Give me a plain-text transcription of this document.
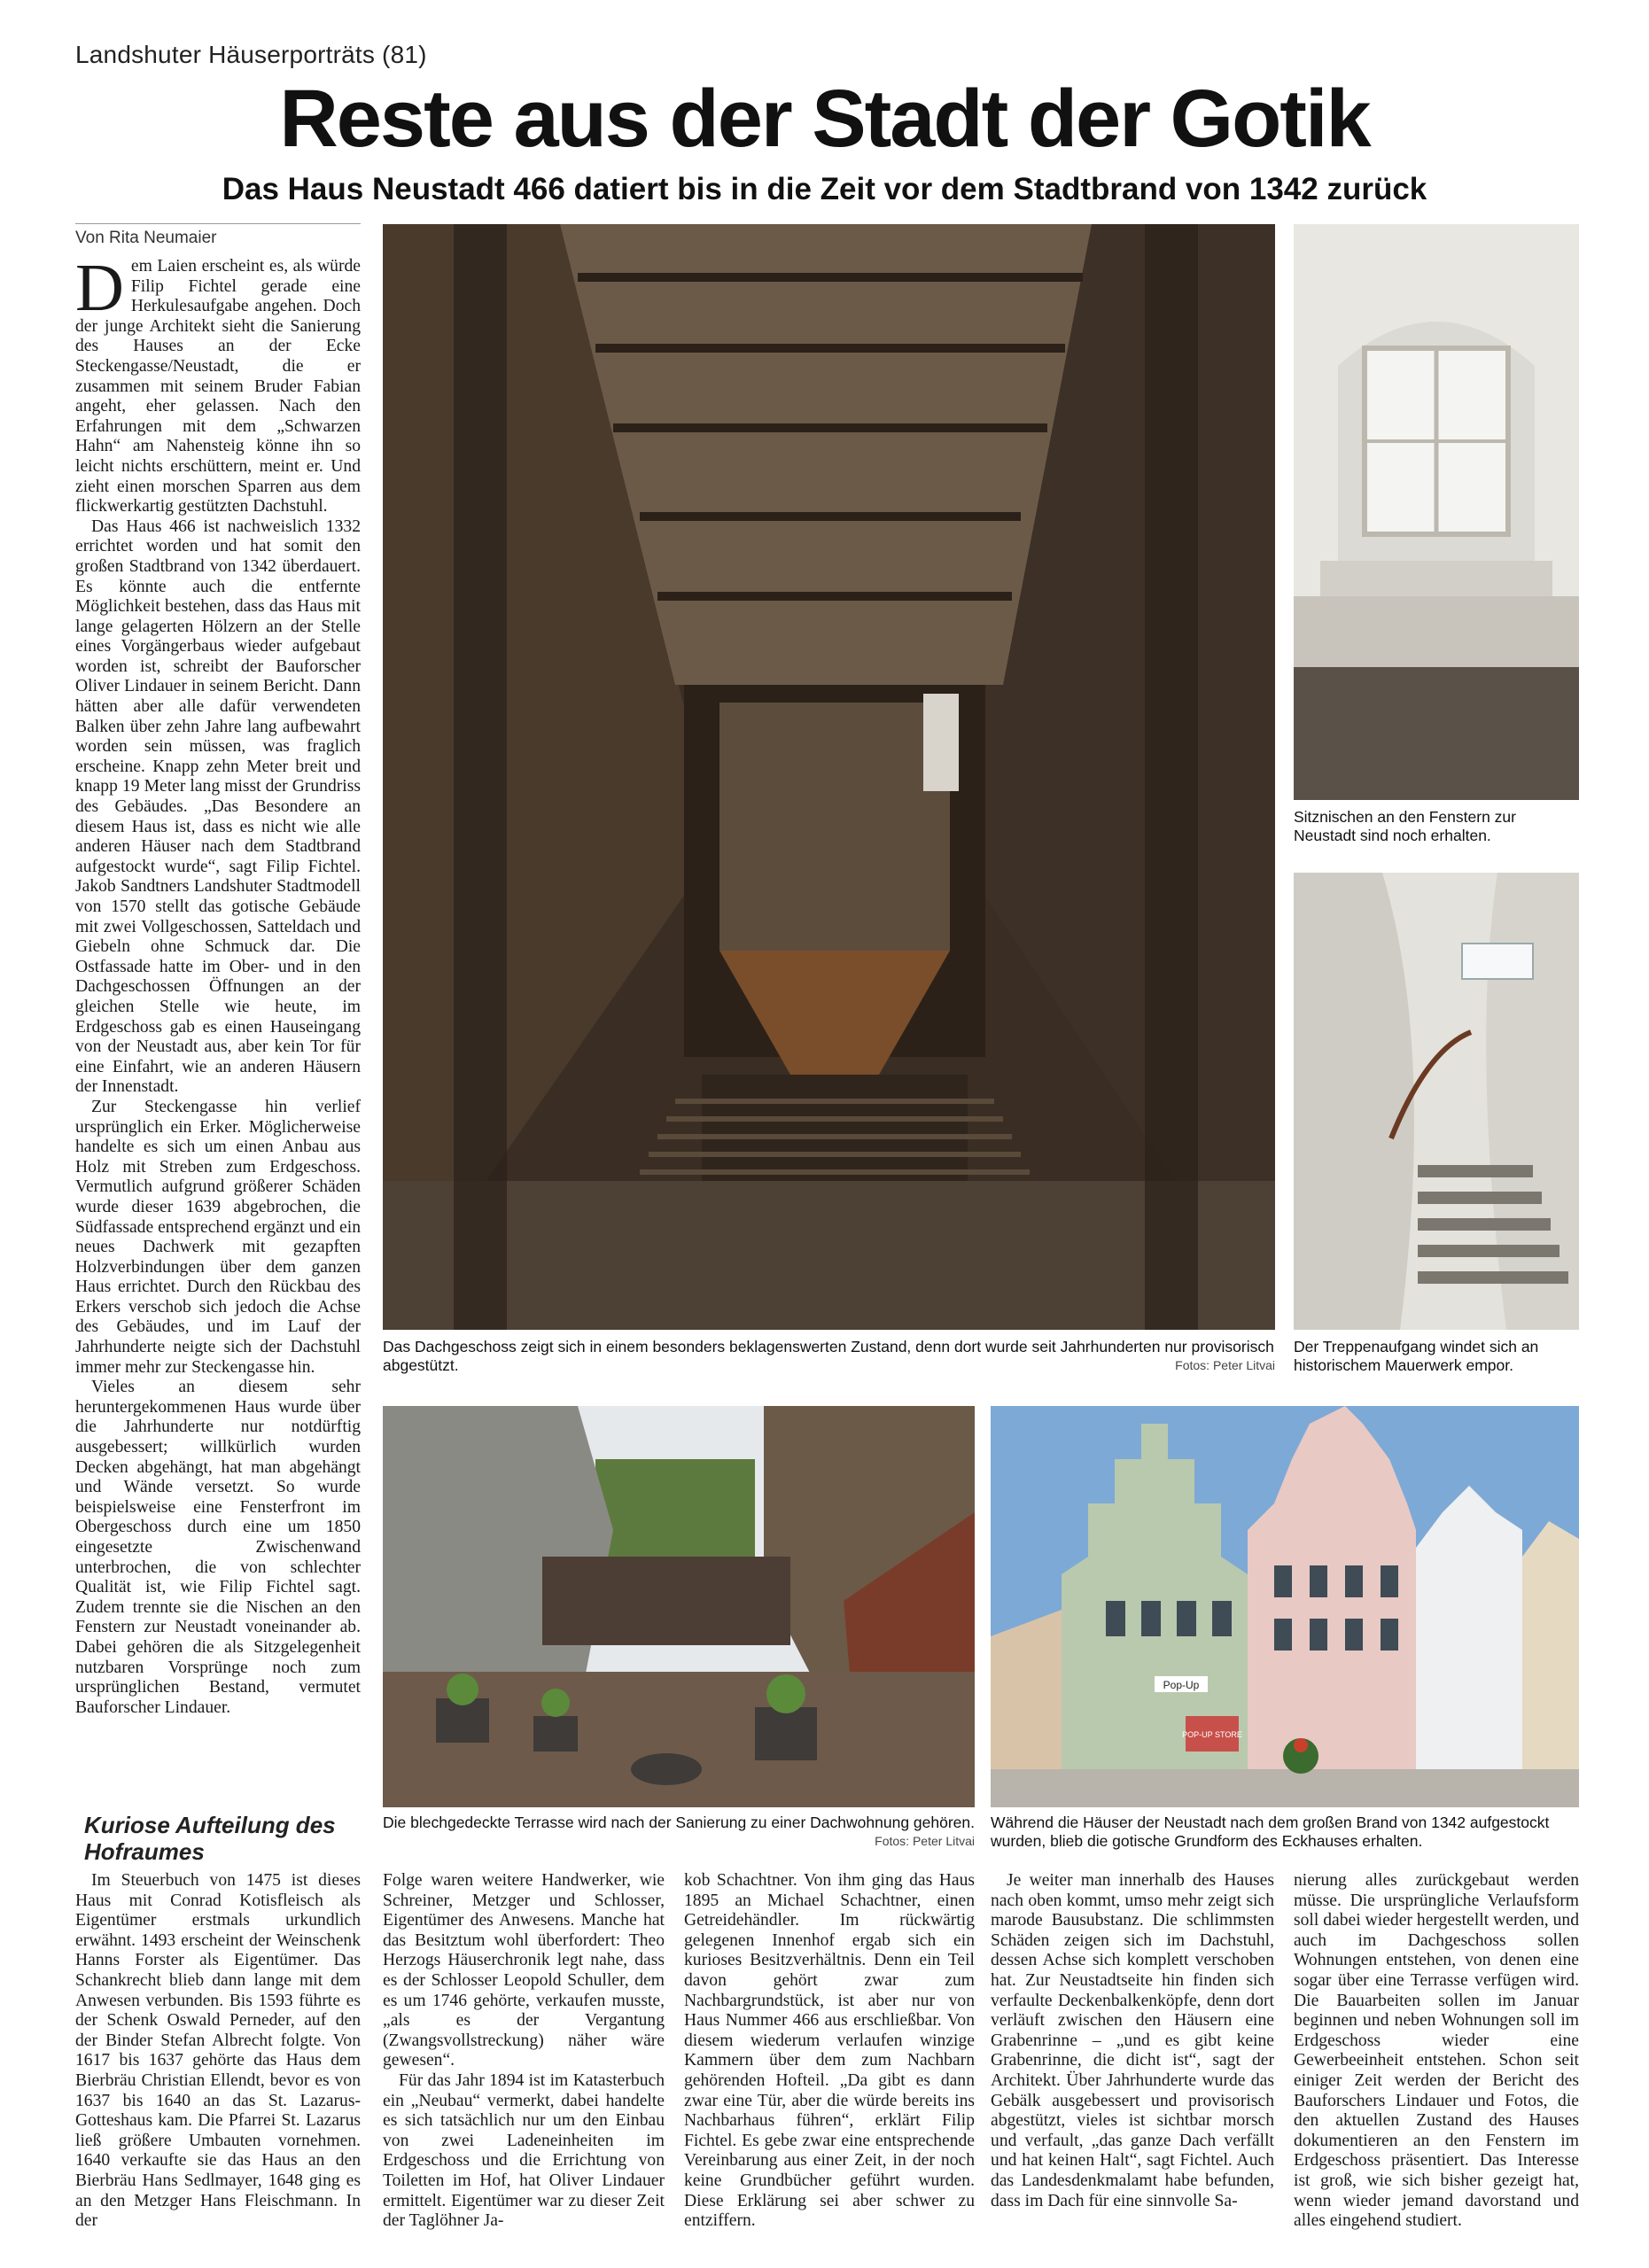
Landshuter Häuserporträts (81)
Reste aus der Stadt der Gotik
Das Haus Neustadt 466 datiert bis in die Zeit vor dem Stadtbrand von 1342 zurück
Von Rita Neumaier

Dem Laien erscheint es, als würde Filip Fichtel gerade eine Herkulesaufgabe angehen. Doch der junge Architekt sieht die Sanierung des Hauses an der Ecke Steckengasse/Neustadt, die er zusammen mit seinem Bruder Fabian angeht, eher gelassen. Nach den Erfahrungen mit dem „Schwarzen Hahn“ am Nahensteig könne ihn so leicht nichts erschüttern, meint er. Und zieht einen morschen Sparren aus dem flickwerkartig gestützten Dachstuhl.

Das Haus 466 ist nachweislich 1332 errichtet worden und hat somit den großen Stadtbrand von 1342 überdauert. Es könnte auch die entfernte Möglichkeit bestehen, dass das Haus mit lange gelagerten Hölzern an der Stelle eines Vorgängerbaus wieder aufgebaut worden ist, schreibt der Bauforscher Oliver Lindauer in seinem Bericht. Dann hätten aber alle dafür verwendeten Balken über zehn Jahre lang aufbewahrt worden sein müssen, was fraglich erscheine. Knapp zehn Meter breit und knapp 19 Meter lang misst der Grundriss des Gebäudes. „Das Besondere an diesem Haus ist, dass es nicht wie alle anderen Häuser nach dem Stadtbrand aufgestockt wurde“, sagt Filip Fichtel. Jakob Sandtners Landshuter Stadtmodell von 1570 stellt das gotische Gebäude mit zwei Vollgeschossen, Satteldach und Giebeln ohne Schmuck dar. Die Ostfassade hatte im Ober- und in den Dachgeschossen Öffnungen an der gleichen Stelle wie heute, im Erdgeschoss gab es einen Hauseingang von der Neustadt aus, aber kein Tor für eine Einfahrt, wie an anderen Häusern der Innenstadt.

Zur Steckengasse hin verlief ursprünglich ein Erker. Möglicherweise handelte es sich um einen Anbau aus Holz mit Streben zum Erdgeschoss. Vermutlich aufgrund größerer Schäden wurde dieser 1639 abgebrochen, die Südfassade entsprechend ergänzt und ein neues Dachwerk mit gezapften Holzverbindungen über dem ganzen Haus errichtet. Durch den Rückbau des Erkers verschob sich jedoch die Achse des Gebäudes, und im Lauf der Jahrhunderte neigte sich der Dachstuhl immer mehr zur Steckengasse hin.

Vieles an diesem sehr heruntergekommenen Haus wurde über die Jahrhunderte nur notdürftig ausgebessert; willkürlich wurden Decken abgehängt, hat man abgehängt und Wände versetzt. So wurde beispielsweise eine Fensterfront im Obergeschoss durch eine um 1850 eingesetzte Zwischenwand unterbrochen, die von schlechter Qualität ist, wie Filip Fichtel sagt. Zudem trennte sie die Nischen an den Fenstern zur Neustadt voneinander ab. Dabei gehören die als Sitzgelegenheit nutzbaren Vorsprünge noch zum ursprünglichen Bestand, vermutet Bauforscher Lindauer.

Kuriose Aufteilung des Hofraumes

Im Steuerbuch von 1475 ist dieses Haus mit Conrad Kotisfleisch als Eigentümer erstmals urkundlich erwähnt. 1493 erscheint der Weinschenk Hanns Forster als Eigentümer. Das Schankrecht blieb dann lange mit dem Anwesen verbunden. Bis 1593 führte es der Schenk Oswald Perneder, auf den der Binder Stefan Albrecht folgte. Von 1617 bis 1637 gehörte das Haus dem Bierbräu Christian Ellendt, bevor es von 1637 bis 1640 an das St. Lazarus-Gotteshaus kam. Die Pfarrei St. Lazarus ließ größere Umbauten vornehmen. 1640 verkaufte sie das Haus an den Bierbräu Hans Sedlmayer, 1648 ging es an den Metzger Hans Fleischmann. In der

Das Dachgeschoss zeigt sich in einem besonders beklagenswerten Zustand, denn dort wurde seit Jahrhunderten nur provisorisch abgestützt.	Fotos: Peter Litvai
Sitznischen an den Fenstern zur Neustadt sind noch erhalten.
Der Treppenaufgang windet sich an historischem Mauerwerk empor.
Die blechgedeckte Terrasse wird nach der Sanierung zu einer Dachwohnung gehören.
Fotos: Peter Litvai
Pop-Up
POP-UP STORE
Während die Häuser der Neustadt nach dem großen Brand von 1342 aufgestockt wurden, blieb die gotische Grundform des Eckhauses erhalten.

Folge waren weitere Handwerker, wie Schreiner, Metzger und Schlosser, Eigentümer des Anwesens. Manche hat das Besitztum wohl überfordert: Theo Herzogs Häuserchronik legt nahe, dass es der Schlosser Leopold Schuller, dem es um 1746 gehörte, verkaufen musste, „als es der Vergantung (Zwangsvollstreckung) näher wäre gewesen“.

Für das Jahr 1894 ist im Katasterbuch ein „Neubau“ vermerkt, dabei handelte es sich tatsächlich nur um den Einbau von zwei Ladeneinheiten im Erdgeschoss und die Errichtung von Toiletten im Hof, hat Oliver Lindauer ermittelt. Eigentümer war zu dieser Zeit der Taglöhner Ja-

kob Schachtner. Von ihm ging das Haus 1895 an Michael Schachtner, einen Getreidehändler. Im rückwärtig gelegenen Innenhof ergab sich ein kurioses Besitzverhältnis. Denn ein Teil davon gehört zwar zum Nachbargrundstück, ist aber nur von Haus Nummer 466 aus erschließbar. Von diesem wiederum verlaufen winzige Kammern über dem zum Nachbarn gehörenden Hofteil. „Da gibt es dann zwar eine Tür, aber die würde bereits ins Nachbarhaus führen“, erklärt Filip Fichtel. Es gebe zwar eine entsprechende Vereinbarung aus einer Zeit, in der noch keine Grundbücher geführt wurden. Diese Erklärung sei aber schwer zu entziffern.

Je weiter man innerhalb des Hauses nach oben kommt, umso mehr zeigt sich marode Bausubstanz. Die schlimmsten Schäden zeigen sich im Dachstuhl, dessen Achse sich komplett verschoben hat. Zur Neustadtseite hin finden sich verfaulte Deckenbalkenköpfe, denn dort verläuft zwischen den Häusern eine Grabenrinne – „und es gibt keine Grabenrinne, die dicht ist“, sagt der Architekt. Über Jahrhunderte wurde das Gebälk ausgebessert und provisorisch abgestützt, vieles ist sichtbar morsch und verfault, „das ganze Dach verfällt und hat keinen Halt“, sagt Fichtel. Auch das Landesdenkmalamt habe befunden, dass im Dach für eine sinnvolle Sa-

nierung alles zurückgebaut werden müsse. Die ursprüngliche Verlaufsform soll dabei wieder hergestellt werden, und auch im Dachgeschoss sollen Wohnungen entstehen, von denen eine sogar über eine Terrasse verfügen wird. Die Bauarbeiten sollen im Januar beginnen und neben Wohnungen soll im Erdgeschoss wieder eine Gewerbeeinheit entstehen. Schon seit einiger Zeit werden der Bericht des Bauforschers Lindauer und Fotos, die den aktuellen Zustand des Hauses dokumentieren an den Fenstern im Erdgeschoss präsentiert. Das Interesse ist groß, wie sich bisher gezeigt hat, wenn wieder jemand davorstand und alles eingehend studiert.
